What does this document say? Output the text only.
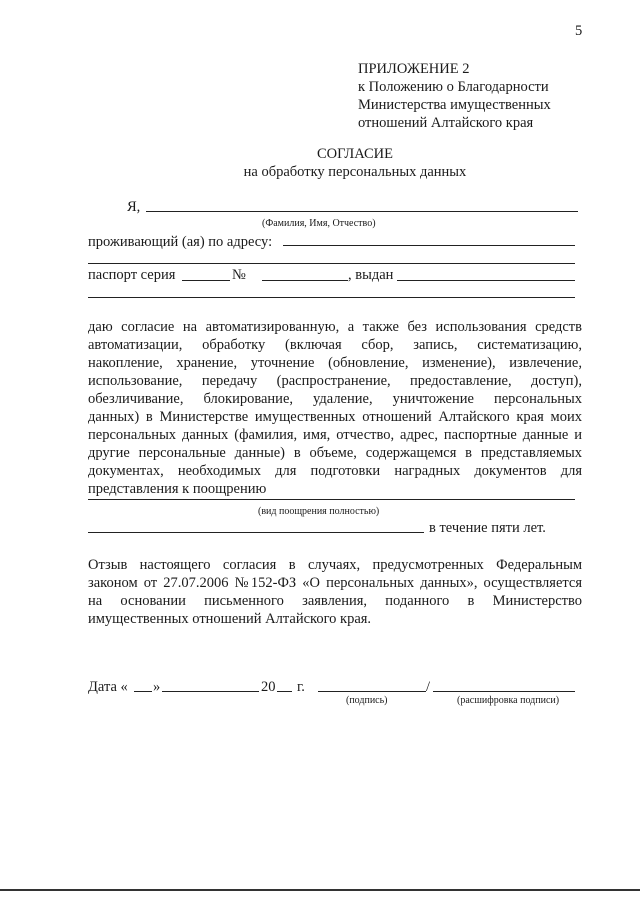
5
ПРИЛОЖЕНИЕ 2
к Положению о Благодарности
Министерства имущественных
отношений Алтайского края
СОГЛАСИЕ
на обработку персональных данных
Я,
(Фамилия, Имя, Отчество)
проживающий (ая) по адресу:
паспорт серия	№	, выдан
даю согласие на автоматизированную, а также без использования средств
автоматизации, обработку (включая сбор, запись, систематизацию,
накопление, хранение, уточнение (обновление, изменение), извлечение,
использование, передачу (распространение, предоставление, доступ),
обезличивание, блокирование, удаление, уничтожение персональных
данных) в Министерстве имущественных отношений Алтайского края моих
персональных данных (фамилия, имя, отчество, адрес, паспортные данные и
другие персональные данные) в объеме, содержащемся в представляемых
документах, необходимых для подготовки наградных документов для
представления к поощрению
(вид поощрения полностью)
в течение пяти лет.
Отзыв настоящего согласия в случаях, предусмотренных Федеральным
законом от 27.07.2006 №152-ФЗ «О персональных данных», осуществляется
на основании письменного заявления, поданного в Министерство
имущественных отношений Алтайского края.
Дата « »	20 г.	/
(подпись)	(расшифровка подписи)
